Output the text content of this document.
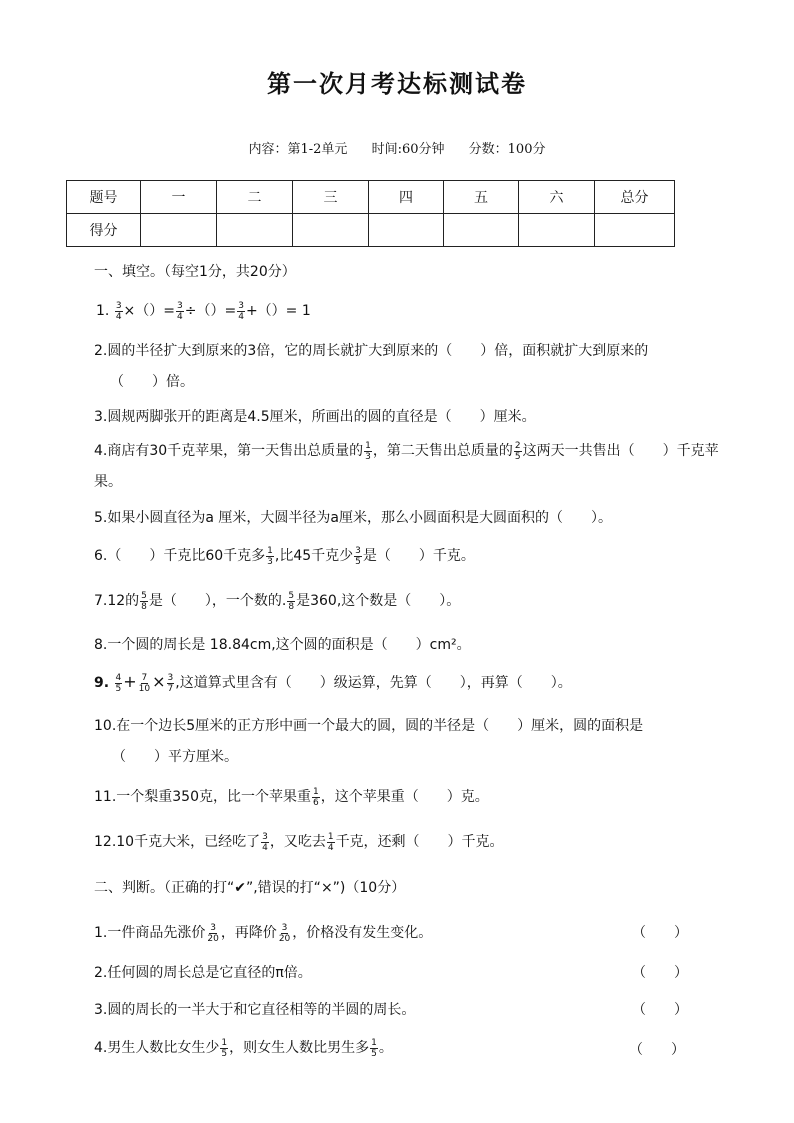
第一次月考达标测试卷
内容：第1-2单元 时间:60分钟 分数：100分
题号	一	二	三	四	五	六	总分
得分							
一、填空。（每空1分，共20分）
1. $\frac{3}{4}$ ×（）= $\frac{3}{4}$ ÷（）= $\frac{3}{4}$ +（）= 1
2.圆的半径扩大到原来的3倍，它的周长就扩大到原来的（　　）倍，面积就扩大到原来的
（　　）倍。
3.圆规两脚张开的距离是4.5厘米，所画出的圆的直径是（　　）厘米。
4.商店有30千克苹果，第一天售出总质量的 $\frac{1}{3}$ ，第二天售出总质量的 $\frac{2}{5}$ 这两天一共售出（　　）千克苹
果。
5.如果小圆直径为a 厘米，大圆半径为a厘米，那么小圆面积是大圆面积的（　　）。
6.（　　）千克比60千克多 $\frac{1}{3}$ ,比45千克少 $\frac{3}{5}$ 是（　　）千克。
7.12的 $\frac{5}{8}$ 是（　　），一个数的. $\frac{5}{8}$ 是360,这个数是（　　）。
8.一个圆的周长是 18.84cm,这个圆的面积是（　　）cm²。
9. $\frac{4}{5} + \frac{7}{10} \times \frac{3}{7}$ ,这道算式里含有（　　）级运算，先算（　　），再算（　　）。
10.在一个边长5厘米的正方形中画一个最大的圆，圆的半径是（　　）厘米，圆的面积是
（　　）平方厘米。
11.一个梨重350克，比一个苹果重 $\frac{1}{6}$ ，这个苹果重（　　）克。
12.10千克大米，已经吃了 $\frac{3}{4}$ ，又吃去 $\frac{1}{4}$ 千克，还剩（　　）千克。
二、判断。（正确的打“✔”,错误的打“×”)（10分）
1.一件商品先涨价 $\frac{3}{20}$ ，再降价 $\frac{3}{20}$ ，价格没有发生变化。	（　　）
2.任何圆的周长总是它直径的π倍。	（　　）
3.圆的周长的一半大于和它直径相等的半圆的周长。	（　　）
4.男生人数比女生少 $\frac{1}{5}$ ，则女生人数比男生多 $\frac{1}{5}$ 。	（　　）
